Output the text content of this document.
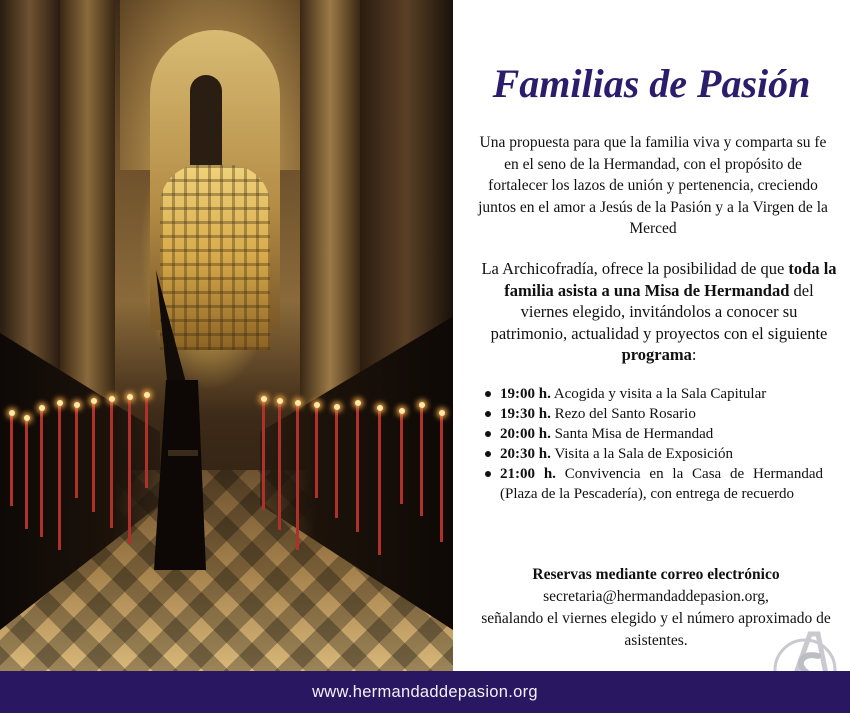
Familias de Pasión

Una propuesta para que la familia viva y comparta su fe en el seno de la Hermandad, con el propósito de fortalecer los lazos de unión y pertenencia, creciendo juntos en el amor a Jesús de la Pasión y a la Virgen de la Merced

La Archicofradía, ofrece la posibilidad de que toda la familia asista a una Misa de Hermandad del viernes elegido, invitándolos a conocer su patrimonio, actualidad y proyectos con el siguiente programa:

19:00 h. Acogida y visita a la Sala Capitular
19:30 h. Rezo del Santo Rosario
20:00 h. Santa Misa de Hermandad
20:30 h. Visita a la Sala de Exposición
21:00 h. Convivencia en la Casa de Hermandad (Plaza de la Pescadería), con entrega de recuerdo

Reservas mediante correo electrónico
secretaria@hermandaddepasion.org,
señalando el viernes elegido y el número aproximado de asistentes.

www.hermandaddepasion.org
